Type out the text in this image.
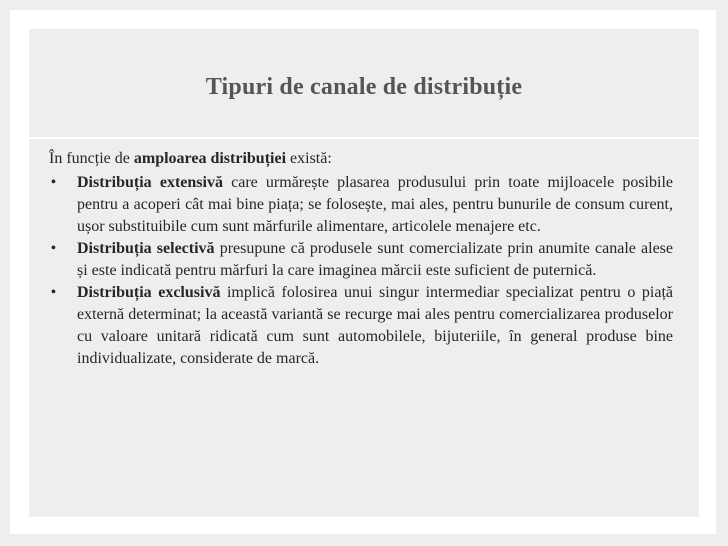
Tipuri de canale de distribuție

În funcție de amploarea distribuției există:

• Distribuția extensivă care urmărește plasarea produsului prin toate mijloacele posibile pentru a acoperi cât mai bine piața; se folosește, mai ales, pentru bunurile de consum curent, ușor substituibile cum sunt mărfurile alimentare, articolele menajere etc.
• Distribuția selectivă presupune că produsele sunt comercializate prin anumite canale alese și este indicată pentru mărfuri la care imaginea mărcii este suficient de puternică.
• Distribuția exclusivă implică folosirea unui singur intermediar specializat pentru o piață externă determinat; la această variantă se recurge mai ales pentru comercializarea produselor cu valoare unitară ridicată cum sunt automobilele, bijuteriile, în general produse bine individualizate, considerate de marcă.
